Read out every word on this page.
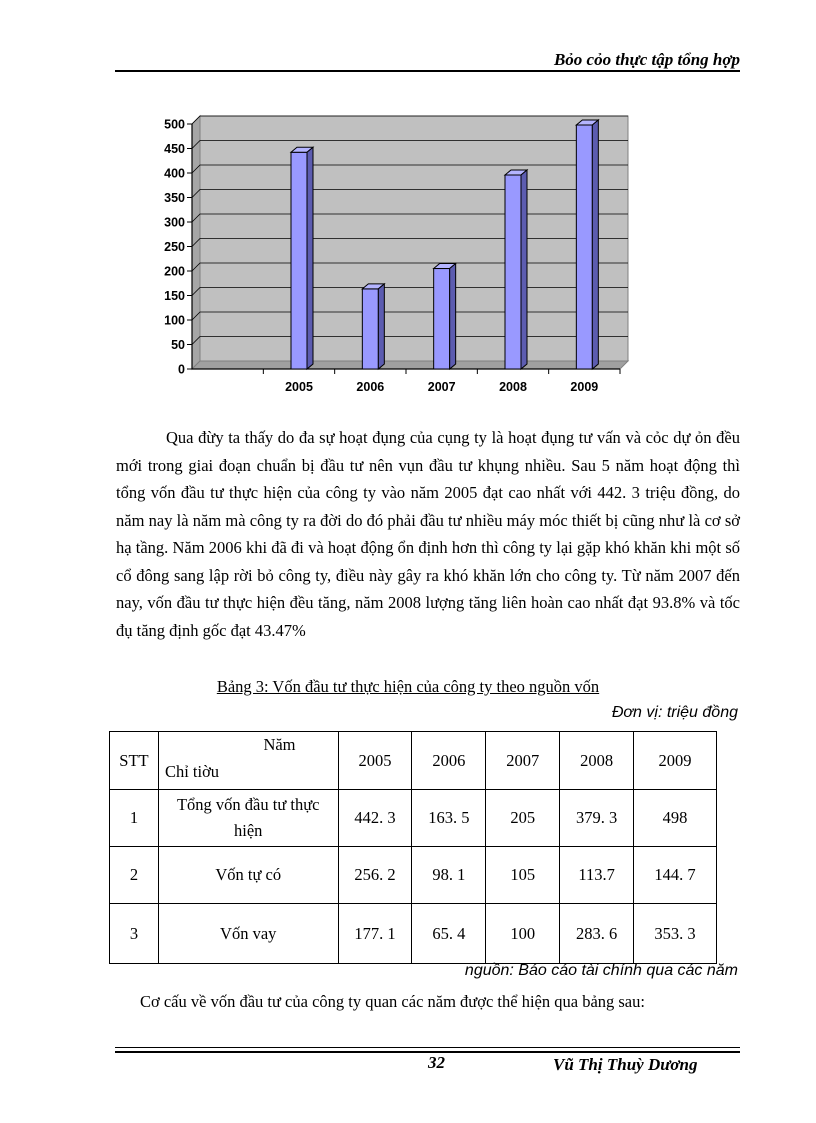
Bỏo cỏo thực tập tổng hợp
0
50
100
150
200
250
300
350
400
450
500
2005	2006	2007	2008	2009

Qua đừy ta thấy do đa sự hoạt đụng của cụng ty là hoạt đụng tư vấn và cỏc dự ỏn đều mới trong giai đoạn chuẩn bị đầu tư nên vụn đầu tư khụng nhiều. Sau 5 năm hoạt động thì tổng vốn đầu tư thực hiện của công ty vào năm 2005 đạt cao nhất với 442. 3 triệu đồng, do năm nay là năm mà công ty ra đời do đó phải đầu tư nhiều máy móc thiết bị cũng như là cơ sở hạ tầng. Năm 2006 khi đã đi và hoạt động ổn định hơn thì công ty lại gặp khó khăn khi một số cổ đông sang lập rời bỏ công ty, điều này gây ra khó khăn lớn cho công ty. Từ năm 2007 đến nay, vốn đầu tư thực hiện đều tăng, năm 2008 lượng tăng liên hoàn cao nhất đạt 93.8% và tốc đụ tăng định gốc đạt 43.47%

Bảng 3: Vốn đầu tư thực hiện của công ty theo nguồn vốn
Đơn vị: triệu đồng
STT	Năm
Chỉ tiờu	2005	2006	2007	2008	2009
1	Tổng vốn đầu tư thực hiện	442. 3	163. 5	205	379. 3	498
2	Vốn tự có	256. 2	98. 1	105	113.7	144. 7
3	Vốn vay	177. 1	65. 4	100	283. 6	353. 3
nguồn: Báo cáo tài chính qua các năm
Cơ cấu về vốn đầu tư của công ty quan các năm được thể hiện qua bảng sau:
32	Vũ Thị Thuỳ Dương
